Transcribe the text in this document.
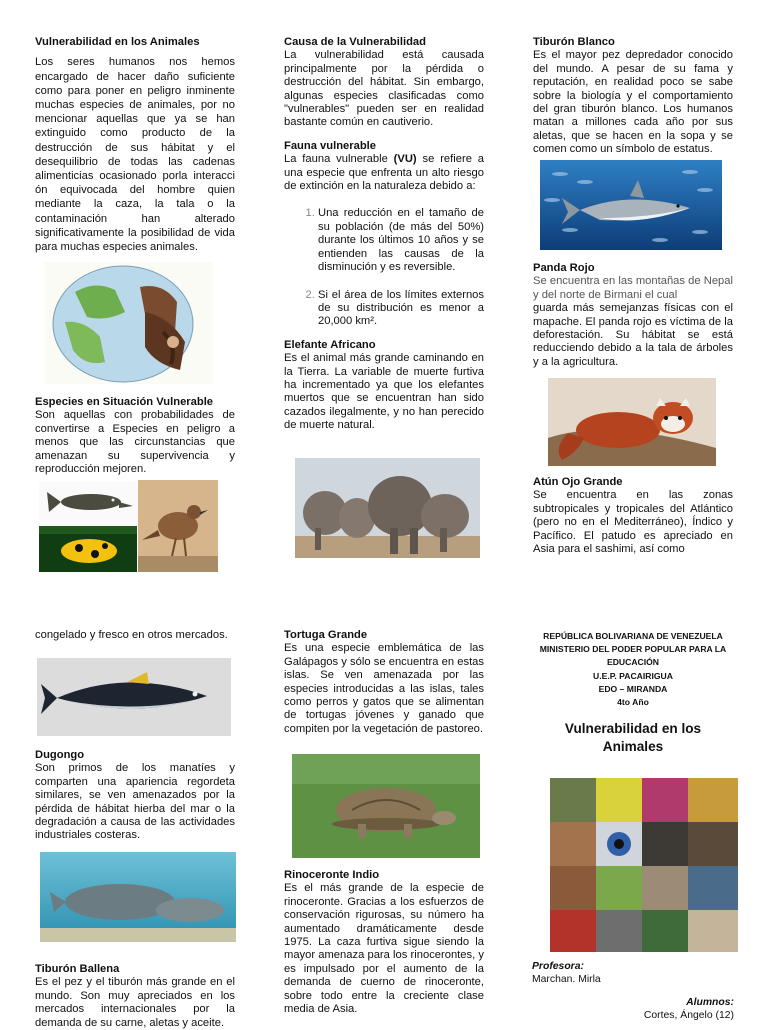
Vulnerabilidad en los Animales

Los seres humanos nos hemos encargado de hacer daño suficiente como para poner en peligro inminente muchas especies de animales, por no mencionar aquellas que ya se han extinguido como producto de la destrucción de sus hábitat y el desequilibrio de todas las cadenas alimenticias ocasionado porla interacci ón equivocada del hombre quien mediante la caza, la tala o la contaminación han alterado significativamente la posibilidad de vida para muchas especies animales.

Especies en Situación Vulnerable

Son aquellas con probabilidades de convertirse a Especies en peligro a menos que las circunstancias que amenazan su supervivencia y reproducción mejoren.

Causa de la Vulnerabilidad

La vulnerabilidad está causada principalmente por la pérdida o destrucción del hábitat. Sin embargo, algunas especies clasificadas como "vulnerables" pueden ser en realidad bastante común en cautiverio.

Fauna vulnerable

La fauna vulnerable (VU) se refiere a una especie que enfrenta un alto riesgo de extinción en la naturaleza debido a:

1. Una reducción en el tamaño de su población (de más del 50%) durante los últimos 10 años y se entienden las causas de la disminución y es reversible.
2. Si el área de los límites externos de su distribución es menor a 20,000 km².

Elefante Africano

Es el animal más grande caminando en la Tierra. La variable de muerte furtiva ha incrementado ya que los elefantes muertos que se encuentran han sido cazados ilegalmente, y no han perecido de muerte natural.

Tiburón Blanco

Es el mayor pez depredador conocido del mundo. A pesar de su fama y reputación, en realidad poco se sabe sobre la biología y el comportamiento del gran tiburón blanco. Los humanos matan a millones cada año por sus aletas, que se hacen en la sopa y se comen como un símbolo de estatus.

Panda Rojo

Se encuentra en las montañas de Nepal y del norte de Birmani el cual

guarda más semejanzas físicas con el mapache. El panda rojo es víctima de la deforestación. Su hábitat se está reducciendo debido a la tala de árboles y a la agricultura.

Atún Ojo Grande

Se encuentra en las zonas subtropicales y tropicales del Atlántico (pero no en el Mediterráneo), Índico y Pacífico. El patudo es apreciado en Asia para el sashimi, así como

congelado y fresco en otros mercados.

Dugongo

Son primos de los manatíes y comparten una apariencia regordeta similares, se ven amenazados por la pérdida de hábitat hierba del mar o la degradación a causa de las actividades industriales costeras.

Tiburón Ballena

Es el pez y el tiburón más grande en el mundo. Son muy apreciados en los mercados internacionales por la demanda de su carne, aletas y aceite.

Tortuga Grande

Es una especie emblemática de las Galápagos y sólo se encuentra en estas islas. Se ven amenazada por las especies introducidas a las islas, tales como perros y gatos que se alimentan de tortugas jóvenes y ganado que compiten por la vegetación de pastoreo.

Rinoceronte Indio

Es el más grande de la especie de rinoceronte. Gracias a los esfuerzos de conservación rigurosas, su número ha aumentado dramáticamente desde 1975. La caza furtiva sigue siendo la mayor amenaza para los rinocerontes, y es impulsado por el aumento de la demanda de cuerno de rinoceronte, sobre todo entre la creciente clase media de Asia.

REPÚBLICA BOLIVARIANA DE VENEZUELA
MINISTERIO DEL PODER POPULAR PARA LA EDUCACIÓN
U.E.P. PACAIRIGUA
EDO – MIRANDA
4to Año
Vulnerabilidad en los Animales
Profesora:
Marchan. Mirla
Alumnos:
Cortes, Ángelo (12)
